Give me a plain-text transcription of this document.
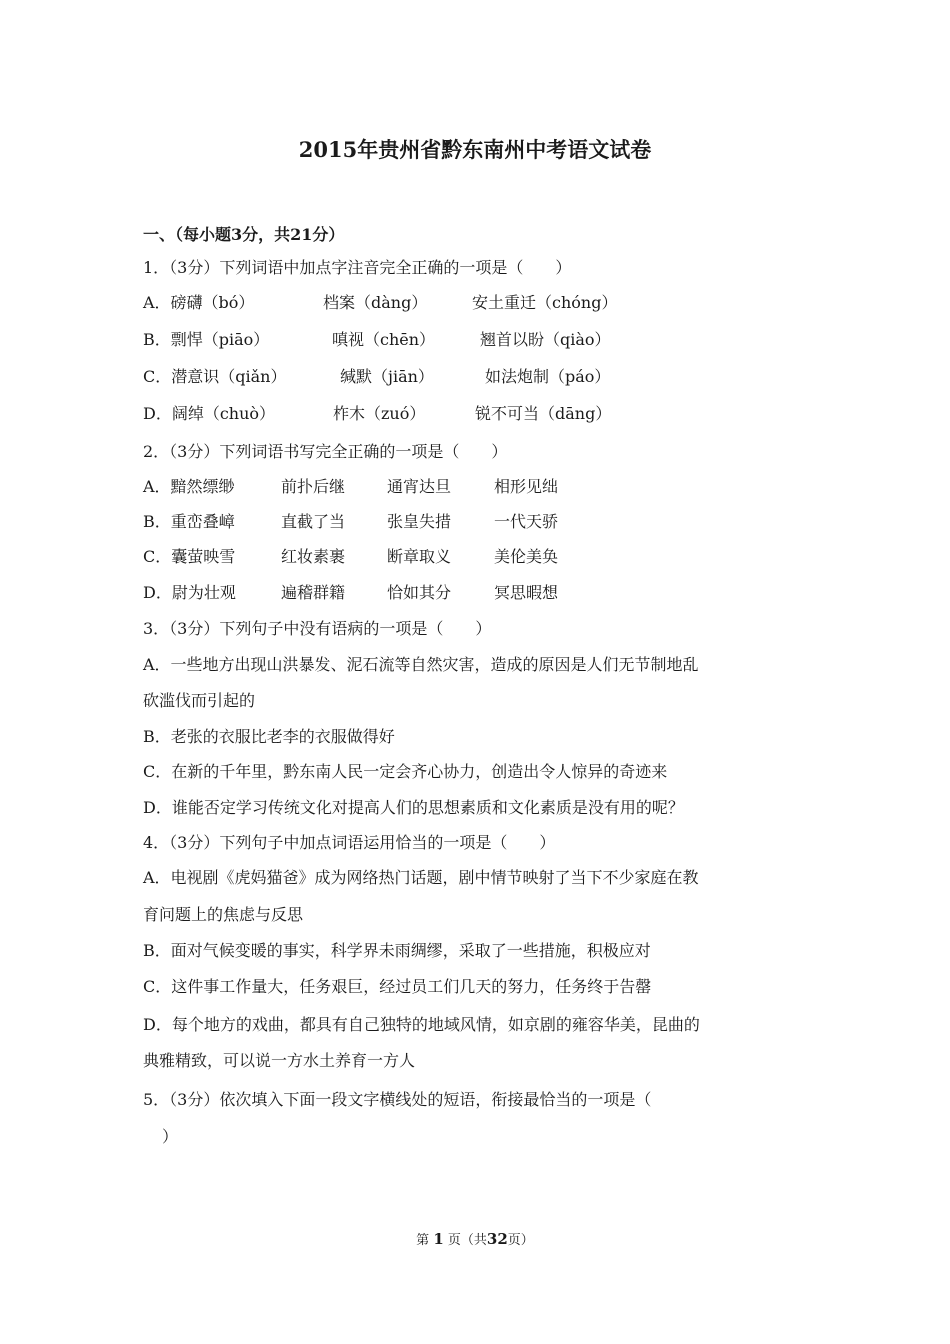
2015年贵州省黔东南州中考语文试卷
一、（每小题3分，共21分）
1．（3分）下列词语中加点字注音完全正确的一项是（　　）
A．磅礴（bó）	档案（dàng）	安土重迁（chóng）
B．剽悍（piāo）	嗔视（chēn）	翘首以盼（qiào）
C．潜意识（qiǎn）	缄默（jiān）	如法炮制（páo）
D．阔绰（chuò）	柞木（zuó）	锐不可当（dāng）
2．（3分）下列词语书写完全正确的一项是（　　）
A．黯然缥缈	前扑后继	通宵达旦	相形见绌
B．重峦叠嶂	直截了当	张皇失措	一代天骄
C．囊萤映雪	红妆素裹	断章取义	美伦美奂
D．尉为壮观	遍稽群籍	恰如其分	冥思暇想
3．（3分）下列句子中没有语病的一项是（　　）
A．一些地方出现山洪暴发、泥石流等自然灾害，造成的原因是人们无节制地乱
砍滥伐而引起的
B．老张的衣服比老李的衣服做得好
C．在新的千年里，黔东南人民一定会齐心协力，创造出令人惊异的奇迹来
D．谁能否定学习传统文化对提高人们的思想素质和文化素质是没有用的呢？
4．（3分）下列句子中加点词语运用恰当的一项是（　　）
A．电视剧《虎妈猫爸》成为网络热门话题，剧中情节映射了当下不少家庭在教
育问题上的焦虑与反思
B．面对气候变暖的事实，科学界未雨绸缪，采取了一些措施，积极应对
C．这件事工作量大，任务艰巨，经过员工们几天的努力，任务终于告罄
D．每个地方的戏曲，都具有自己独特的地域风情，如京剧的雍容华美，昆曲的
典雅精致，可以说一方水土养育一方人
5．（3分）依次填入下面一段文字横线处的短语，衔接最恰当的一项是（
）
第 1 页（共32页）
